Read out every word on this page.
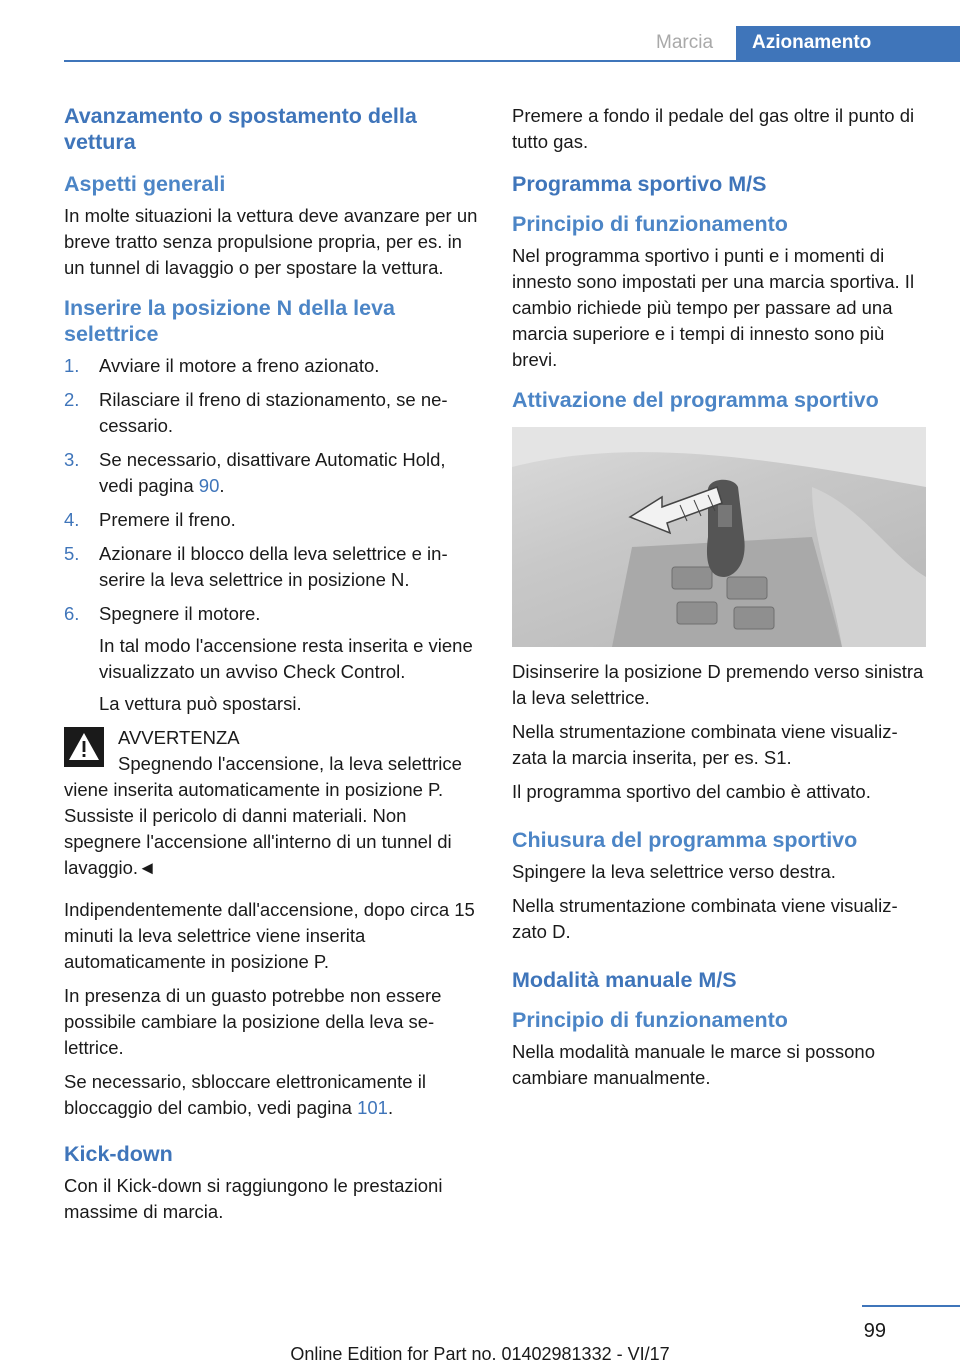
Marcia	Azionamento
Avanzamento o spostamento della vettura
Aspetti generali

In molte situazioni la vettura deve avanzare per un breve tratto senza propulsione propria, per es. in un tunnel di lavaggio o per spostare la vettura.

Inserire la posizione N della leva selettrice
1. Avviare il motore a freno azionato.
2. Rilasciare il freno di stazionamento, se necessario.
3. Se necessario, disattivare Automatic Hold, vedi pagina 90.
4. Premere il freno.
5. Azionare il blocco della leva selettrice e inserire la leva selettrice in posizione N.
6. Spegnere il motore.

In tal modo l'accensione resta inserita e viene visualizzato un avviso Check Control.

La vettura può spostarsi.

AVVERTENZA
Spegnendo l'accensione, la leva selettrice viene inserita automaticamente in posizione P. Sussiste il pericolo di danni materiali. Non spegnere l'accensione all'interno di un tunnel di lavaggio.◄

Indipendentemente dall'accensione, dopo circa 15 minuti la leva selettrice viene inserita automaticamente in posizione P.

In presenza di un guasto potrebbe non essere possibile cambiare la posizione della leva selettrice.

Se necessario, sbloccare elettronicamente il bloccaggio del cambio, vedi pagina 101.

Kick-down

Con il Kick-down si raggiungono le prestazioni massime di marcia.

Premere a fondo il pedale del gas oltre il punto di tutto gas.

Programma sportivo M/S
Principio di funzionamento

Nel programma sportivo i punti e i momenti di innesto sono impostati per una marcia sportiva. Il cambio richiede più tempo per passare ad una marcia superiore e i tempi di innesto sono più brevi.

Attivazione del programma sportivo

Disinserire la posizione D premendo verso sinistra la leva selettrice.

Nella strumentazione combinata viene visualizzata la marcia inserita, per es. S1.

Il programma sportivo del cambio è attivato.

Chiusura del programma sportivo

Spingere la leva selettrice verso destra.

Nella strumentazione combinata viene visualizzato D.

Modalità manuale M/S
Principio di funzionamento

Nella modalità manuale le marce si possono cambiare manualmente.

99
Online Edition for Part no. 01402981332 - VI/17
